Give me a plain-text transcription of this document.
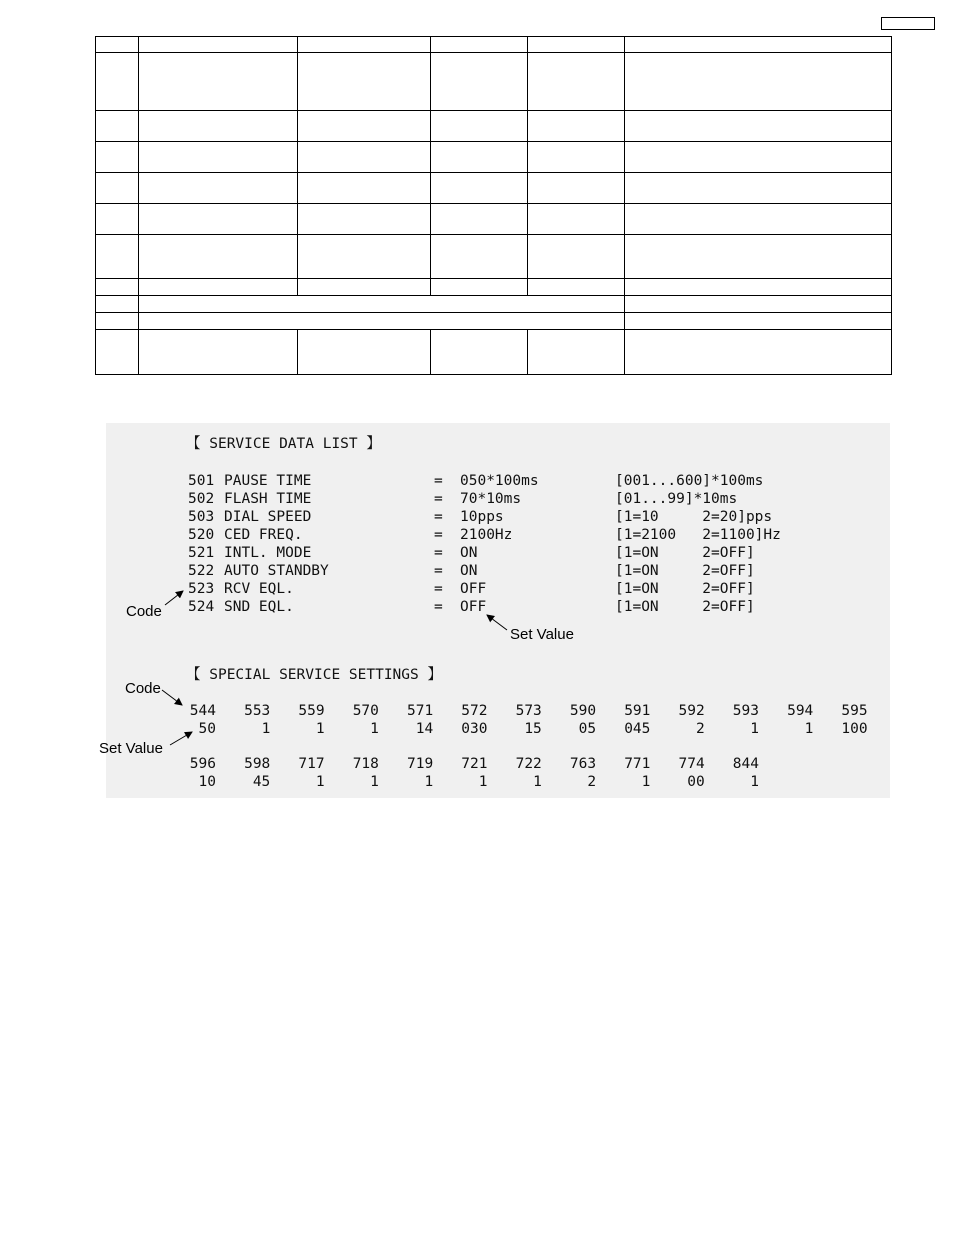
【 SERVICE DATA LIST 】
501 PAUSE TIME	= 050*100ms	[001...600]*100ms
502 FLASH TIME	= 70*10ms	[01...99]*10ms
503 DIAL SPEED	= 10pps	[1=10     2=20]pps
520 CED FREQ.	= 2100Hz	[1=2100   2=1100]Hz
521 INTL. MODE	= ON	[1=ON     2=OFF]
522 AUTO STANDBY	= ON	[1=ON     2=OFF]
523 RCV EQL.	= OFF	[1=ON     2=OFF]
524 SND EQL.	= OFF	[1=ON     2=OFF]
【 SPECIAL SERVICE SETTINGS 】
544	553	559	570	571	572	573	590	591	592	593	594	595
50	1	1	1	14	030	15	05	045	2	1	1	100
596	598	717	718	719	721	722	763	771	774	844
10	45	1	1	1	1	1	2	1	00	1
Code
Set Value
Code
Set Value
